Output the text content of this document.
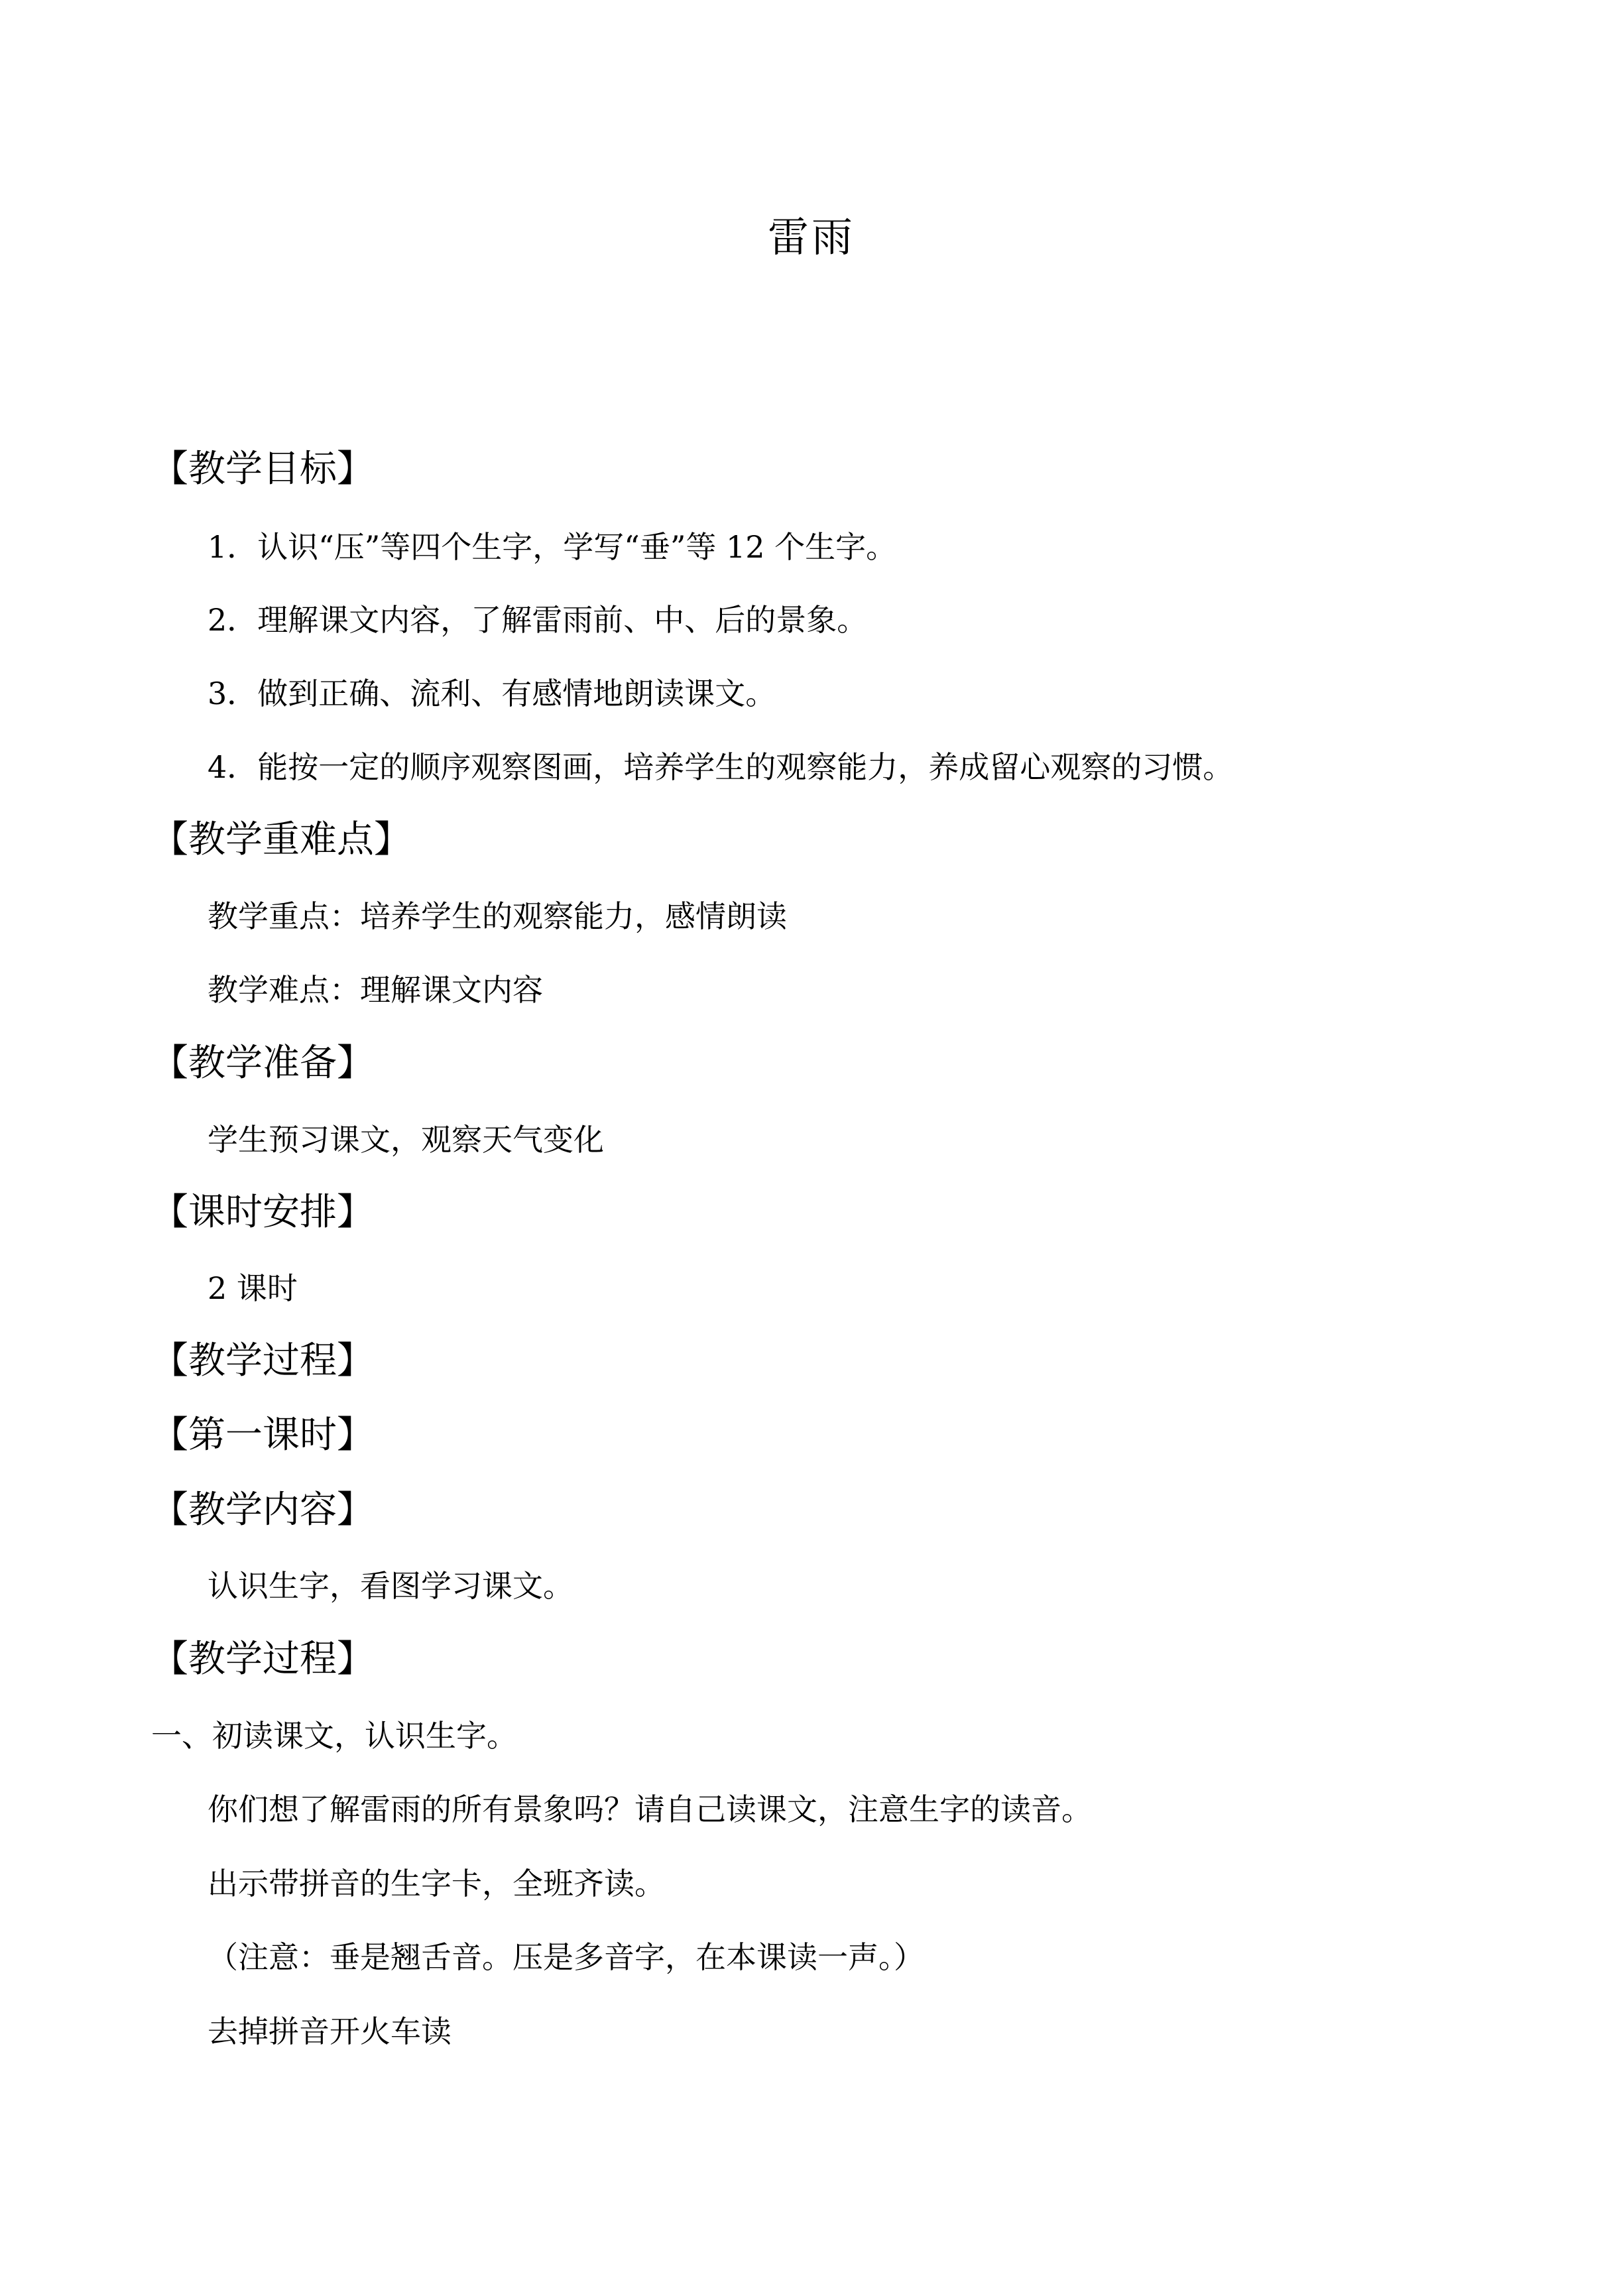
雷雨
【教学目标】
1．认识“压”等四个生字，学写“垂”等 12 个生字。
2．理解课文内容，了解雷雨前、中、后的景象。
3．做到正确、流利、有感情地朗读课文。
4．能按一定的顺序观察图画，培养学生的观察能力，养成留心观察的习惯。
【教学重难点】
教学重点：培养学生的观察能力，感情朗读
教学难点：理解课文内容
【教学准备】
学生预习课文，观察天气变化
【课时安排】
2 课时
【教学过程】
【第一课时】
【教学内容】
认识生字，看图学习课文。
【教学过程】
一、初读课文，认识生字。
你们想了解雷雨的所有景象吗？请自己读课文，注意生字的读音。
出示带拼音的生字卡，全班齐读。
（注意：垂是翘舌音。压是多音字，在本课读一声。）
去掉拼音开火车读
